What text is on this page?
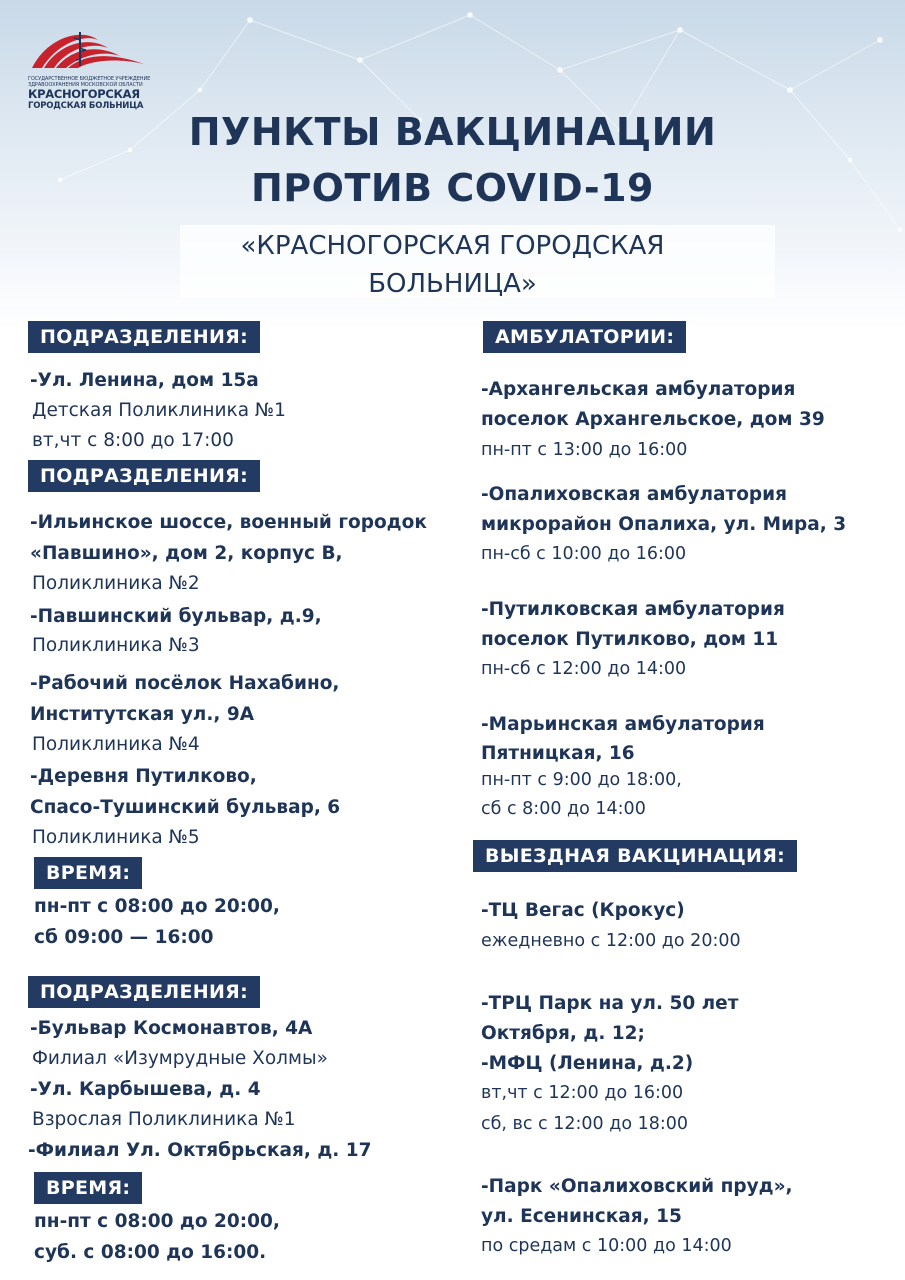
ГОСУДАРСТВЕННОЕ БЮДЖЕТНОЕ УЧРЕЖДЕНИЕ ЗДРАВООХРАНЕНИЯ МОСКОВСКОЙ ОБЛАСТИ
КРАСНОГОРСКАЯ
ГОРОДСКАЯ БОЛЬНИЦА
ПУНКТЫ ВАКЦИНАЦИИ
ПРОТИВ COVID-19
«КРАСНОГОРСКАЯ ГОРОДСКАЯ
БОЛЬНИЦА»
ПОДРАЗДЕЛЕНИЯ:
-Ул. Ленина, дом 15а
Детская Поликлиника №1
вт,чт с 8:00 до 17:00
ПОДРАЗДЕЛЕНИЯ:
-Ильинское шоссе, военный городок
«Павшино», дом 2, корпус В,
Поликлиника №2
-Павшинский бульвар, д.9,
Поликлиника №3
-Рабочий посёлок Нахабино,
Институтская ул., 9А
Поликлиника №4
-Деревня Путилково,
Спасо-Тушинский бульвар, 6
Поликлиника №5
ВРЕМЯ:
пн-пт с 08:00 до 20:00,
сб 09:00 — 16:00
ПОДРАЗДЕЛЕНИЯ:
-Бульвар Космонавтов, 4А
Филиал «Изумрудные Холмы»
-Ул. Карбышева, д. 4
Взрослая Поликлиника №1
-Филиал Ул. Октябрьская, д. 17
ВРЕМЯ:
пн-пт с 08:00 до 20:00,
суб. с 08:00 до 16:00.
АМБУЛАТОРИИ:
-Архангельская амбулатория
поселок Архангельское, дом 39
пн-пт с 13:00 до 16:00
-Опалиховская амбулатория
микрорайон Опалиха, ул. Мира, 3
пн-сб с 10:00 до 16:00
-Путилковская амбулатория
поселок Путилково, дом 11
пн-сб с 12:00 до 14:00
-Марьинская амбулатория
Пятницкая, 16
пн-пт с 9:00 до 18:00,
сб с 8:00 до 14:00
ВЫЕЗДНАЯ ВАКЦИНАЦИЯ:
-ТЦ Вегас (Крокус)
ежедневно с 12:00 до 20:00
-ТРЦ Парк на ул. 50 лет
Октября, д. 12;
-МФЦ (Ленина, д.2)
вт,чт с 12:00 до 16:00
сб, вс с 12:00 до 18:00
-Парк «Опалиховский пруд»,
ул. Есенинская, 15
по средам с 10:00 до 14:00
